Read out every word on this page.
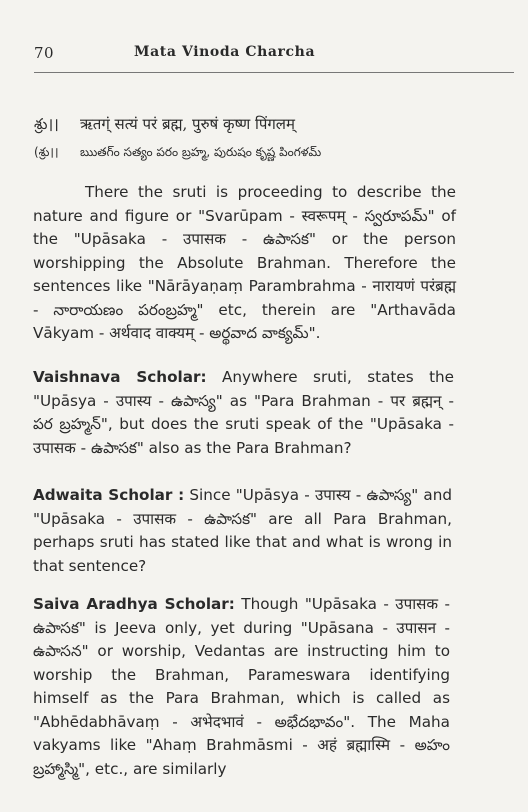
70	Mata Vinoda Charcha
శ్రు।। ऋतग्ं सत्यं परं ब्रह्म, पुरुषं कृष्ण पिंगलम्
(శ్రు।। ఋతగ్ం సత్యం పరం బ్రహ్మ, పురుషం కృష్ణ పింగళమ్

There the sruti is proceeding to describe the nature and figure or "Svarūpam - स्वरूपम् - స్వరూపమ్" of the "Upāsaka - उपासक - ఉపాసక" or the person worshipping the Absolute Brahman. Therefore the sentences like "Nārāyaṇaṃ Parambrahma - नारायणं परंब्रह्म - నారాయణం పరంబ్రహ్మ" etc, therein are "Arthavāda Vākyam - अर्थवाद वाक्यम् - అర్థవాద వాక్యమ్".

Vaishnava Scholar: Anywhere sruti, states the "Upāsya - उपास्य - ఉపాస్య" as "Para Brahman - पर ब्रह्मन् - పర బ్రహ్మన్", but does the sruti speak of the "Upāsaka - उपासक - ఉపాసక" also as the Para Brahman?

Adwaita Scholar : Since "Upāsya - उपास्य - ఉపాస్య" and "Upāsaka - उपासक - ఉపాసక" are all Para Brahman, perhaps sruti has stated like that and what is wrong in that sentence?

Saiva Aradhya Scholar: Though "Upāsaka - उपासक - ఉపాసక" is Jeeva only, yet during "Upāsana - उपासन - ఉపాసన" or worship, Vedantas are instructing him to worship the Brahman, Parameswara identifying himself as the Para Brahman, which is called as "Abhēdabhāvaṃ - अभेदभावं - అభేదభావం". The Maha vakyams like "Ahaṃ Brahmāsmi - अहं ब्रह्मास्मि - అహం బ్రహ్మాస్మి", etc., are similarly
